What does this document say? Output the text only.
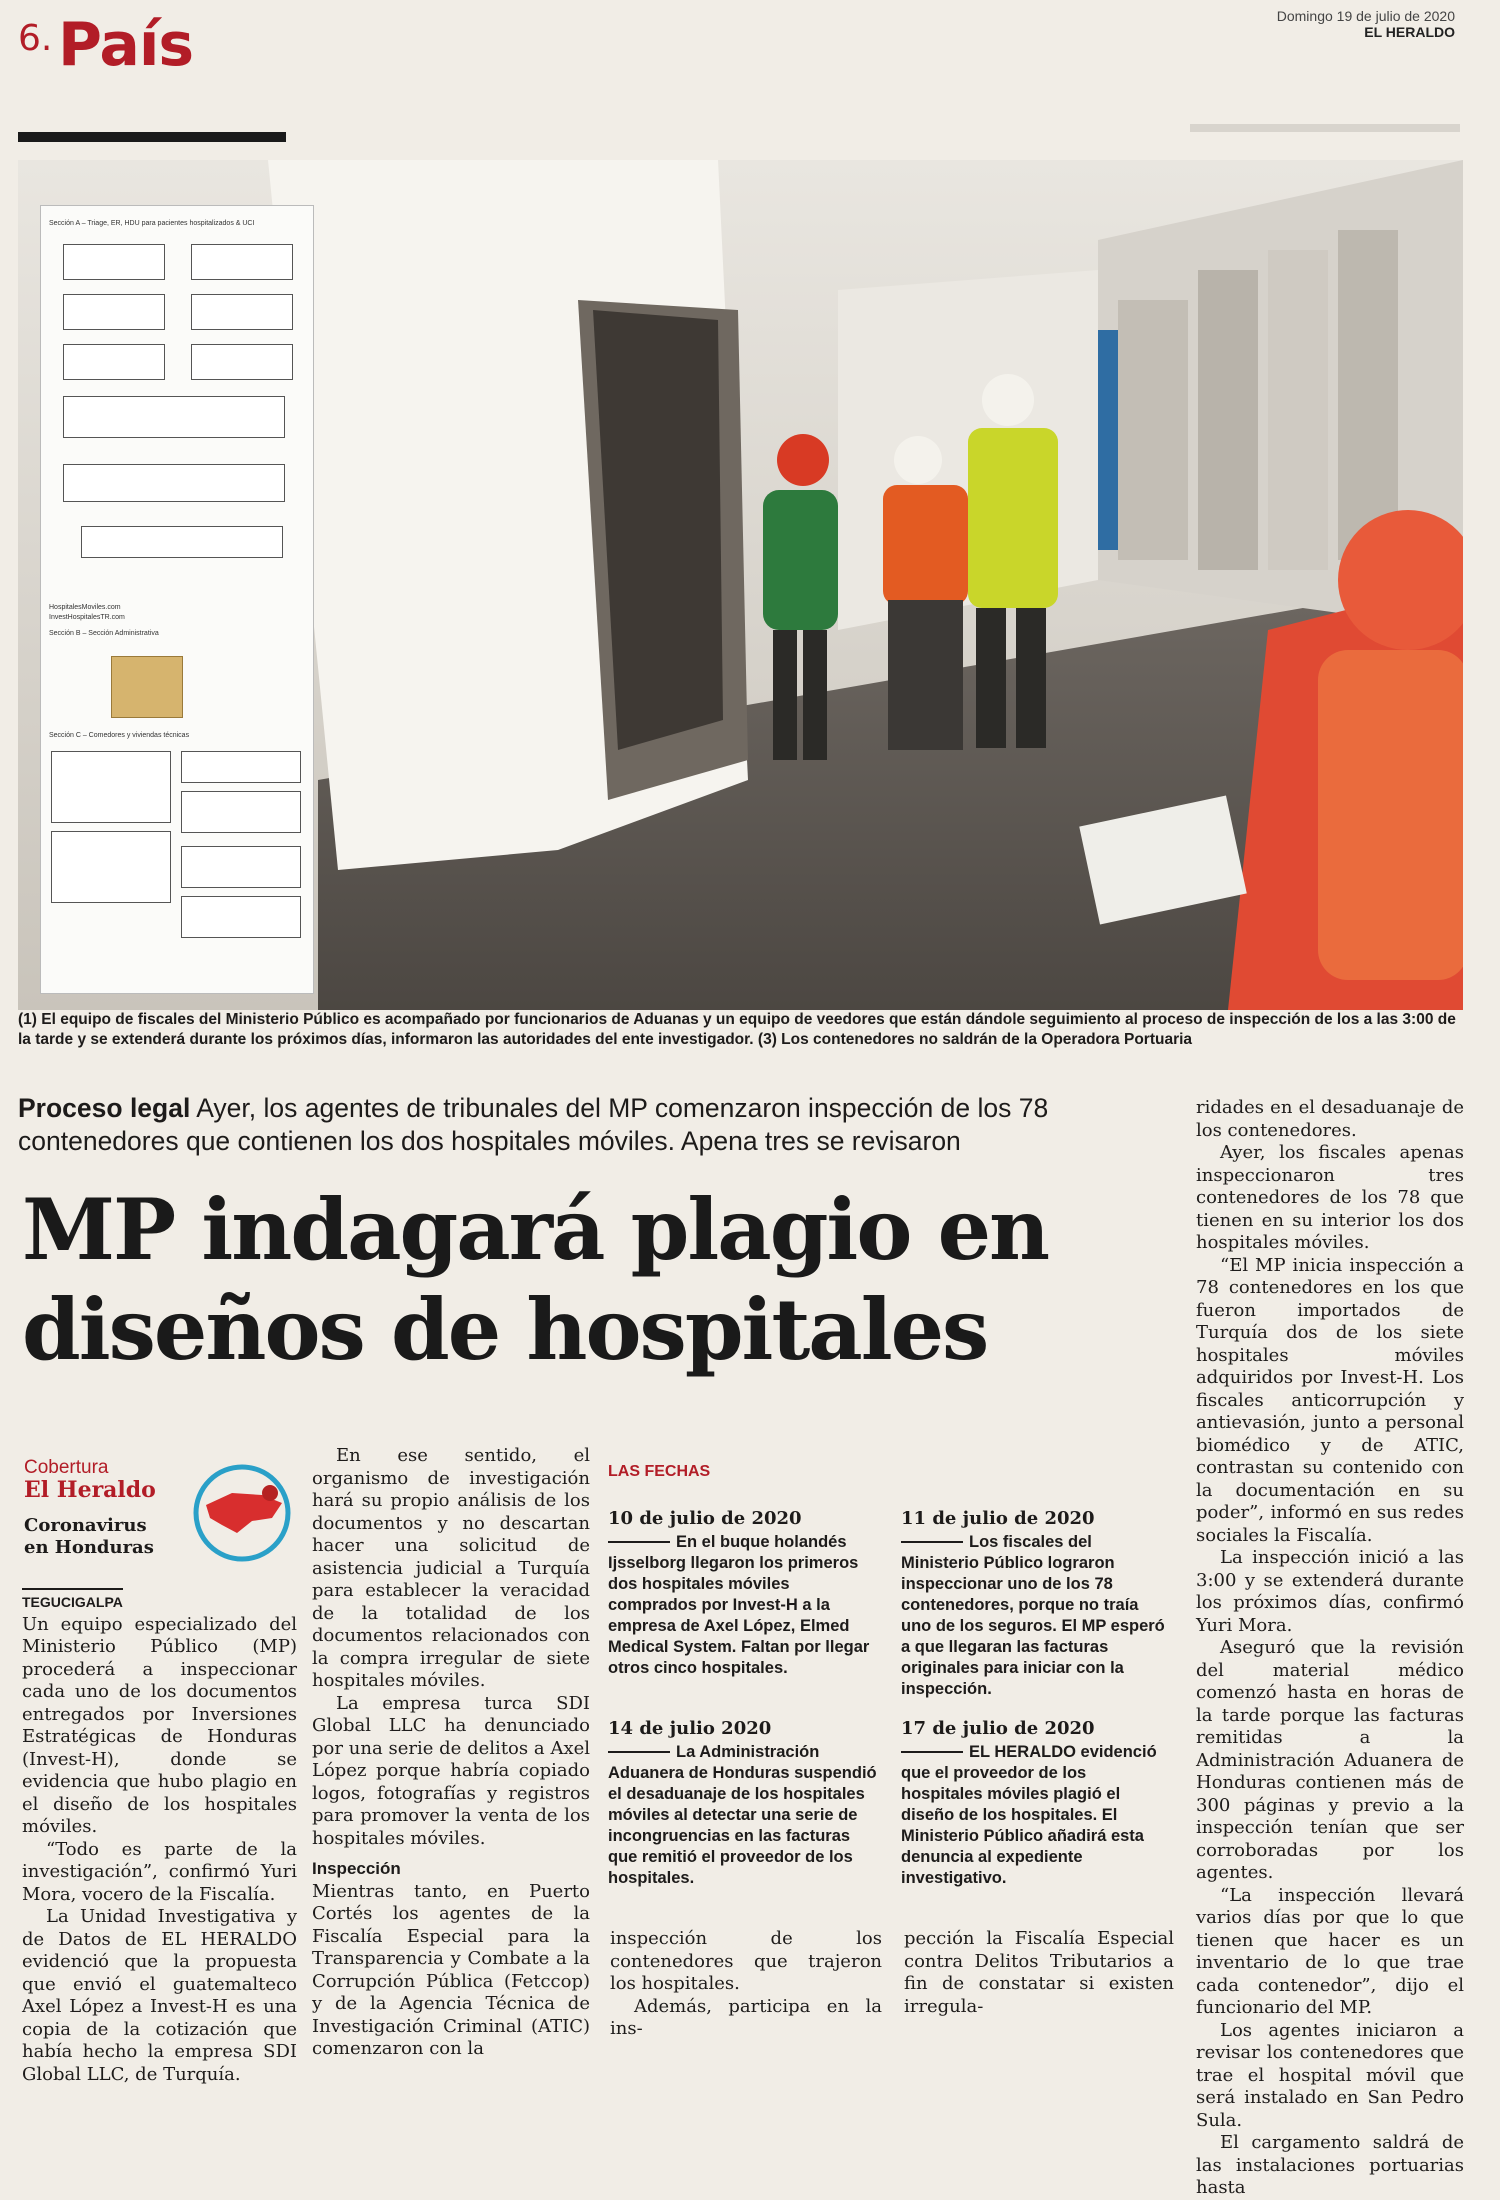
6. País	Domingo 19 de julio de 2020
EL HERALDO
Sección A – Triage, ER, HDU para pacientes hospitalizados & UCI
HospitalesMoviles.com
InvestHospitalesTR.com
Sección B – Sección Administrativa
Sección C – Comedores y viviendas técnicas
(1) El equipo de fiscales del Ministerio Público es acompañado por funcionarios de Aduanas y un equipo de veedores que están dándole seguimiento al proceso de inspección de los a las 3:00 de la tarde y se extenderá durante los próximos días, informaron las autoridades del ente investigador. (3) Los contenedores no saldrán de la Operadora Portuaria
Proceso legal Ayer, los agentes de tribunales del MP comenzaron inspección de los 78 contenedores que contienen los dos hospitales móviles. Apena tres se revisaron
MP indagará plagio en diseños de hospitales
Cobertura
El Heraldo
Coronavirus
en Honduras
TEGUCIGALPA

Un equipo especializado del Ministerio Público (MP) procederá a inspeccionar cada uno de los documentos entregados por Inversiones Estratégicas de Honduras (Invest-H), donde se evidencia que hubo plagio en el diseño de los hospitales móviles.

“Todo es parte de la investigación”, confirmó Yuri Mora, vocero de la Fiscalía.

La Unidad Investigativa y de Datos de EL HERALDO evidenció que la propuesta que envió el guatemalteco Axel López a Invest-H es una copia de la cotización que había hecho la empresa SDI Global LLC, de Turquía.

En ese sentido, el organismo de investigación hará su propio análisis de los documentos y no descartan hacer una solicitud de asistencia judicial a Turquía para establecer la veracidad de la totalidad de los documentos relacionados con la compra irregular de siete hospitales móviles.

La empresa turca SDI Global LLC ha denunciado por una serie de delitos a Axel López porque habría copiado logos, fotografías y registros para promover la venta de los hospitales móviles.

Inspección

Mientras tanto, en Puerto Cortés los agentes de la Fiscalía Especial para la Transparencia y Combate a la Corrupción Pública (Fetccop) y de la Agencia Técnica de Investigación Criminal (ATIC) comenzaron con la

LAS FECHAS
10 de julio de 2020
En el buque holandés Ijsselborg llegaron los primeros dos hospitales móviles comprados por Invest-H a la empresa de Axel López, Elmed Medical System. Faltan por llegar otros cinco hospitales.
11 de julio de 2020
Los fiscales del Ministerio Público lograron inspeccionar uno de los 78 contenedores, porque no traía uno de los seguros. El MP esperó a que llegaran las facturas originales para iniciar con la inspección.
14 de julio 2020
La Administración Aduanera de Honduras suspendió el desaduanaje de los hospitales móviles al detectar una serie de incongruencias en las facturas que remitió el proveedor de los hospitales.
17 de julio de 2020
EL HERALDO evidenció que el proveedor de los hospitales móviles plagió el diseño de los hospitales. El Ministerio Público añadirá esta denuncia al expediente investigativo.

inspección de los contenedores que trajeron los hospitales.

Además, participa en la ins-

pección la Fiscalía Especial contra Delitos Tributarios a fin de constatar si existen irregula-

ridades en el desaduanaje de los contenedores.

Ayer, los fiscales apenas inspeccionaron tres contenedores de los 78 que tienen en su interior los dos hospitales móviles.

“El MP inicia inspección a 78 contenedores en los que fueron importados de Turquía dos de los siete hospitales móviles adquiridos por Invest-H. Los fiscales anticorrupción y antievasión, junto a personal biomédico y de ATIC, contrastan su contenido con la documentación en su poder”, informó en sus redes sociales la Fiscalía.

La inspección inició a las 3:00 y se extenderá durante los próximos días, confirmó Yuri Mora.

Aseguró que la revisión del material médico comenzó hasta en horas de la tarde porque las facturas remitidas a la Administración Aduanera de Honduras contienen más de 300 páginas y previo a la inspección tenían que ser corroboradas por los agentes.

“La inspección llevará varios días por que lo que tienen que hacer es un inventario de lo que trae cada contenedor”, dijo el funcionario del MP.

Los agentes iniciaron a revisar los contenedores que trae el hospital móvil que será instalado en San Pedro Sula.

El cargamento saldrá de las instalaciones portuarias hasta
